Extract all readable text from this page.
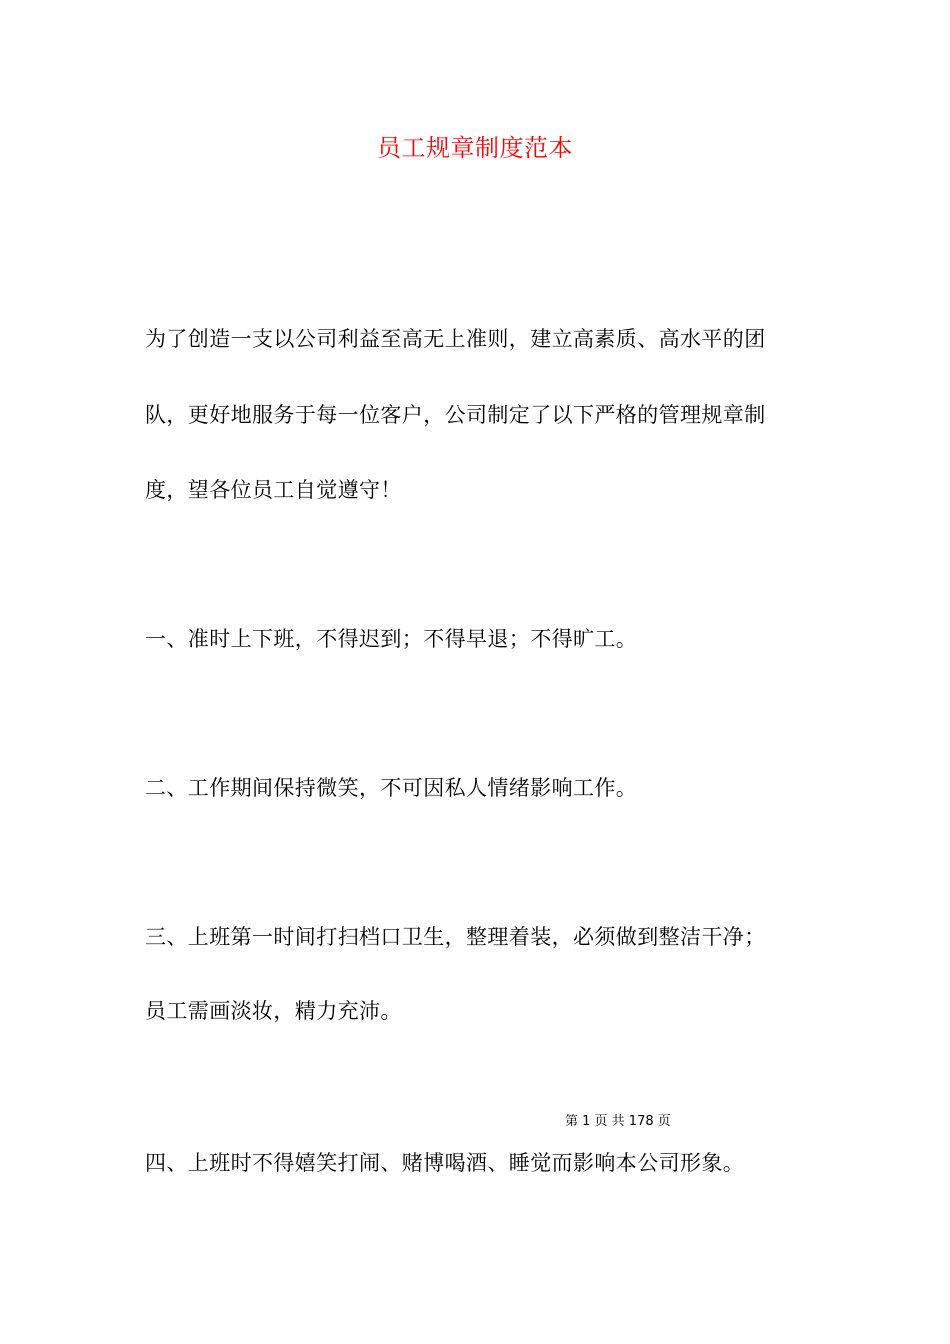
员工规章制度范本
为了创造一支以公司利益至高无上准则，建立高素质、高水平的团
队，更好地服务于每一位客户，公司制定了以下严格的管理规章制
度，望各位员工自觉遵守！
一、准时上下班，不得迟到；不得早退；不得旷工。
二、工作期间保持微笑，不可因私人情绪影响工作。
三、上班第一时间打扫档口卫生，整理着装，必须做到整洁干净；
员工需画淡妆，精力充沛。
第 1 页 共 178 页
四、上班时不得嬉笑打闹、赌博喝酒、睡觉而影响本公司形象。
